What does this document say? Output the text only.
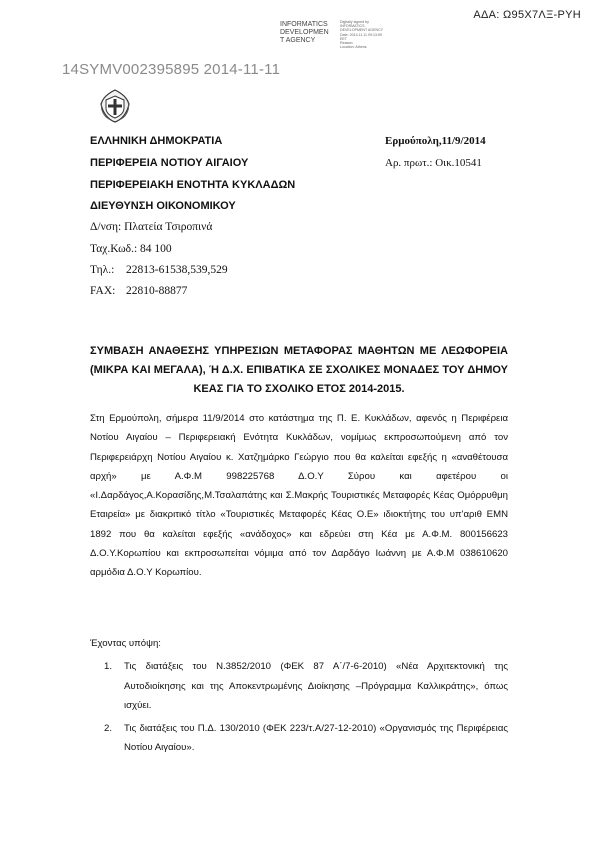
ΑΔΑ: Ω95Χ7ΛΞ-ΡΥΗ
INFORMATICS
DEVELOPMEN
T AGENCY
Digitally signed by
INFORMATICS
DEVELOPMENT AGENCY
Date: 2014.11.11 09:13:59
EET
Reason:
Location: Athens
14SYMV002395895 2014-11-11
ΕΛΛΗΝΙΚΗ ΔΗΜΟΚΡΑΤΙΑ
ΠΕΡΙΦΕΡΕΙΑ ΝΟΤΙΟΥ ΑΙΓΑΙΟΥ
ΠΕΡΙΦΕΡΕΙΑΚΗ ΕΝΟΤΗΤΑ ΚΥΚΛΑΔΩΝ
ΔΙΕΥΘΥΝΣΗ ΟΙΚΟΝΟΜΙΚΟΥ
Δ/νση: Πλατεία Τσιροπινά
Ταχ.Κωδ.: 84 100
Τηλ.: 22813-61538,539,529
FAX: 22810-88877
Ερμούπολη,11/9/2014
Αρ. πρωτ.: Οικ.10541
ΣΥΜΒΑΣΗ ΑΝΑΘΕΣΗΣ ΥΠΗΡΕΣΙΩΝ ΜΕΤΑΦΟΡΑΣ ΜΑΘΗΤΩΝ ΜΕ ΛΕΩΦΟΡΕΙΑ (ΜΙΚΡΑ ΚΑΙ ΜΕΓΑΛΑ), Ή Δ.Χ. ΕΠΙΒΑΤΙΚΑ ΣΕ ΣΧΟΛΙΚΕΣ ΜΟΝΑΔΕΣ ΤΟΥ ΔΗΜΟΥ ΚΕΑΣ ΓΙΑ ΤΟ ΣΧΟΛΙΚΟ ΕΤΟΣ 2014-2015.
Στη Ερμούπολη, σήμερα 11/9/2014 στο κατάστημα της Π. Ε. Κυκλάδων, αφενός η Περιφέρεια Νοτίου Αιγαίου – Περιφερειακή Ενότητα Κυκλάδων, νομίμως εκπροσωπούμενη από τον Περιφερειάρχη Νοτίου Αιγαίου κ. Χατζημάρκο Γεώργιο που θα καλείται εφεξής η «αναθέτουσα αρχή» με Α.Φ.Μ 998225768 Δ.Ο.Υ Σύρου και αφετέρου οι «Ι.Δαρδάγος,Α.Κορασίδης,Μ.Τσαλαπάτης και Σ.Μακρής Τουριστικές Μεταφορές Κέας Ομόρρυθμη Εταιρεία» με διακριτικό τίτλο «Τουριστικές Μεταφορές Κέας Ο.Ε» ιδιοκτήτης του υπ'αριθ ΕΜΝ 1892 που θα καλείται εφεξής «ανάδοχος» και εδρεύει στη Κέα με Α.Φ.Μ. 800156623 Δ.Ο.Υ.Κορωπίου και εκπροσωπείται νόμιμα από τον Δαρδάγο Ιωάννη με Α.Φ.Μ 038610620 αρμόδια Δ.Ο.Υ Κορωπίου.
Έχοντας υπόψη:
1. Τις διατάξεις του Ν.3852/2010 (ΦΕΚ 87 Α΄/7-6-2010) «Νέα Αρχιτεκτονική της Αυτοδιοίκησης και της Αποκεντρωμένης Διοίκησης –Πρόγραμμα Καλλικράτης», όπως ισχύει.
2. Τις διατάξεις του Π.Δ. 130/2010 (ΦΕΚ 223/τ.Α/27-12-2010) «Οργανισμός της Περιφέρειας Νοτίου Αιγαίου».
